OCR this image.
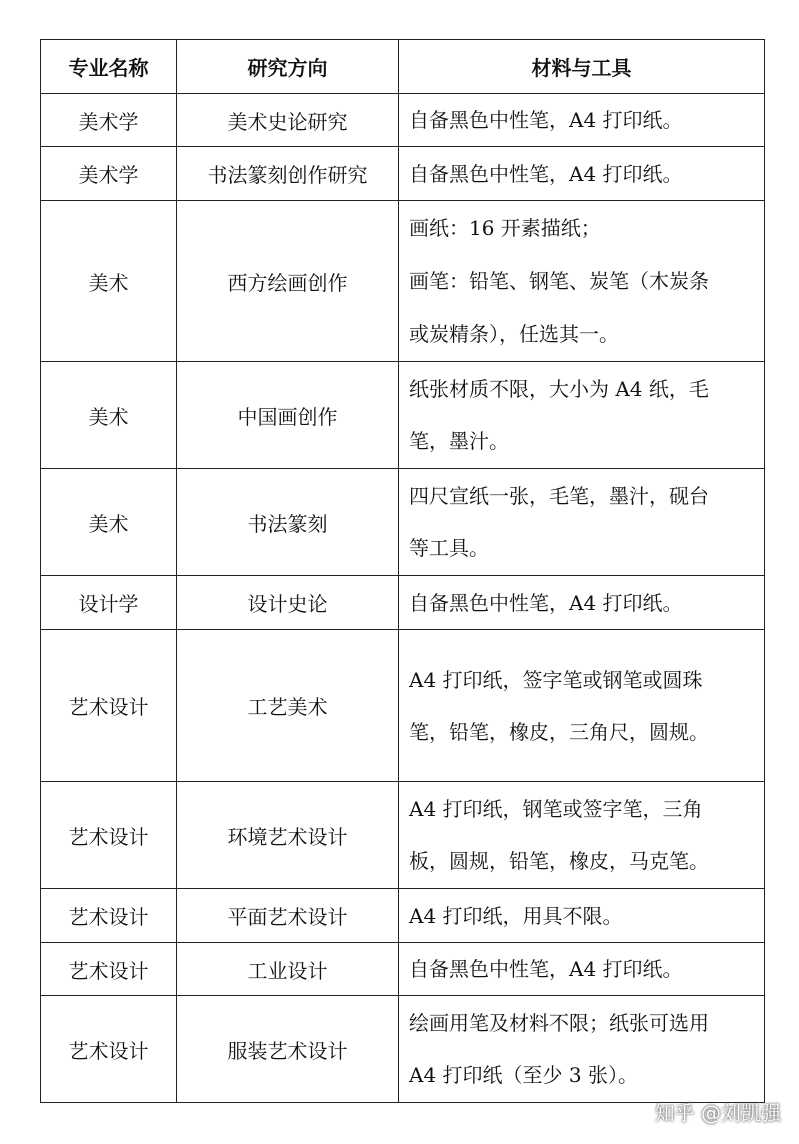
专业名称	研究方向	材料与工具
美术学	美术史论研究	自备黑色中性笔，A4 打印纸。

美术学	书法篆刻创作研究	自备黑色中性笔，A4 打印纸。

美术	西方绘画创作	画纸：16 开素描纸；
画笔：铅笔、钢笔、炭笔（木炭条
或炭精条），任选其一。

美术	中国画创作	纸张材质不限，大小为 A4 纸，毛
笔，墨汁。

美术	书法篆刻	四尺宣纸一张，毛笔，墨汁，砚台
等工具。

设计学	设计史论	自备黑色中性笔，A4 打印纸。

艺术设计	工艺美术	A4 打印纸，签字笔或钢笔或圆珠
笔，铅笔，橡皮，三角尺，圆规。

艺术设计	环境艺术设计	A4 打印纸，钢笔或签字笔，三角
板，圆规，铅笔，橡皮，马克笔。

艺术设计	平面艺术设计	A4 打印纸，用具不限。

艺术设计	工业设计	自备黑色中性笔，A4 打印纸。

艺术设计	服装艺术设计	绘画用笔及材料不限；纸张可选用
A4 打印纸（至少 3 张）。
知乎 @刘凯强
